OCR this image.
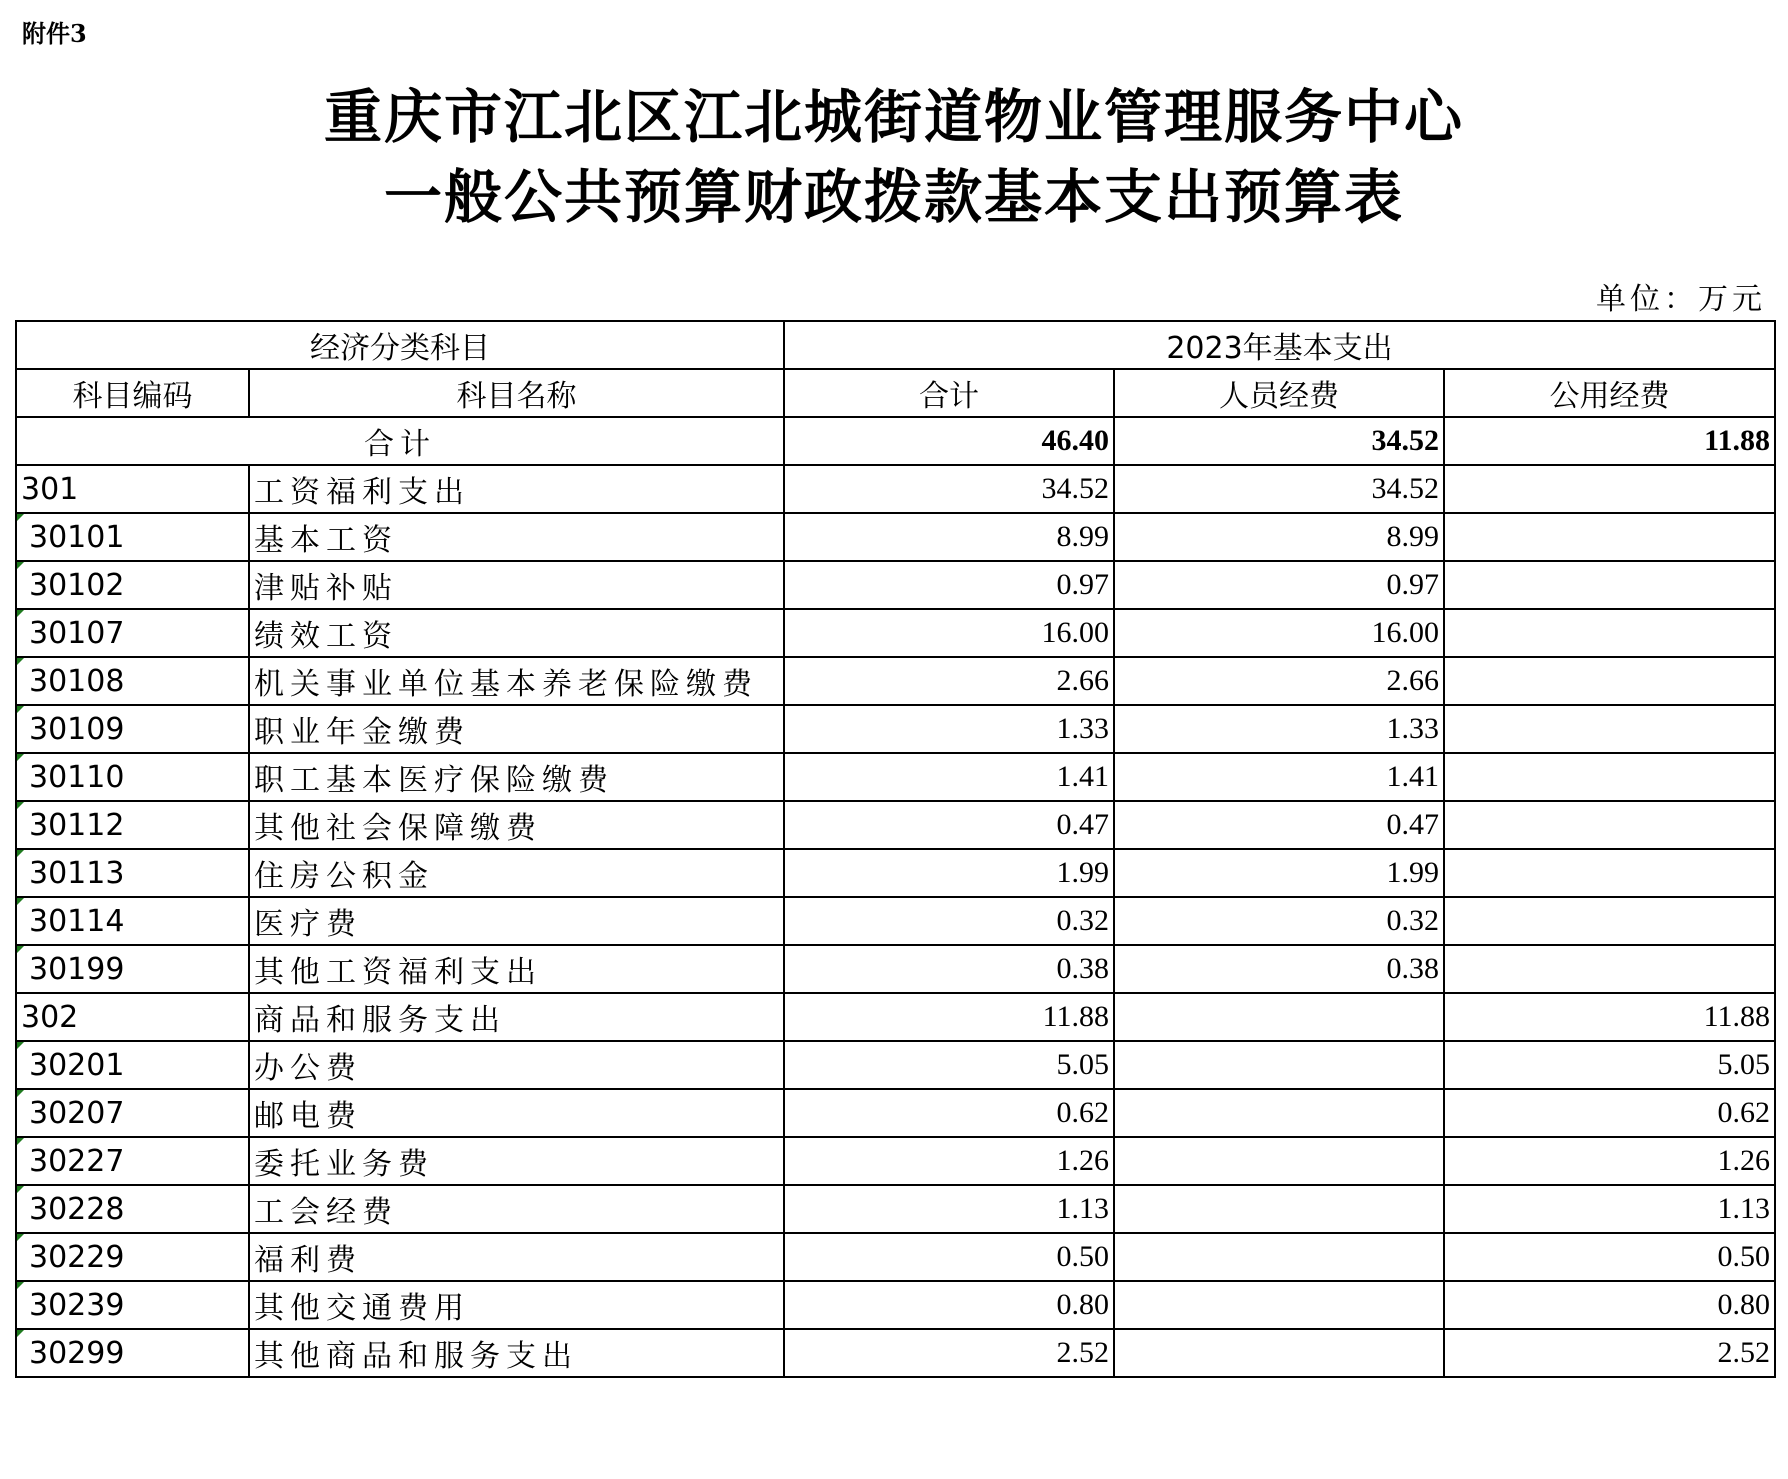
附件3
重庆市江北区江北城街道物业管理服务中心
一般公共预算财政拨款基本支出预算表
单位：万元
经济分类科目		2023年基本支出		
科目编码	科目名称	合计	人员经费	公用经费
合计		46.40	34.52	11.88
301	工资福利支出	34.52	34.52	
30101	基本工资	8.99	8.99	
30102	津贴补贴	0.97	0.97	
30107	绩效工资	16.00	16.00	
30108	机关事业单位基本养老保险缴费	2.66	2.66	
30109	职业年金缴费	1.33	1.33	
30110	职工基本医疗保险缴费	1.41	1.41	
30112	其他社会保障缴费	0.47	0.47	
30113	住房公积金	1.99	1.99	
30114	医疗费	0.32	0.32	
30199	其他工资福利支出	0.38	0.38	
302	商品和服务支出	11.88		11.88
30201	办公费	5.05		5.05
30207	邮电费	0.62		0.62
30227	委托业务费	1.26		1.26
30228	工会经费	1.13		1.13
30229	福利费	0.50		0.50
30239	其他交通费用	0.80		0.80
30299	其他商品和服务支出	2.52		2.52
